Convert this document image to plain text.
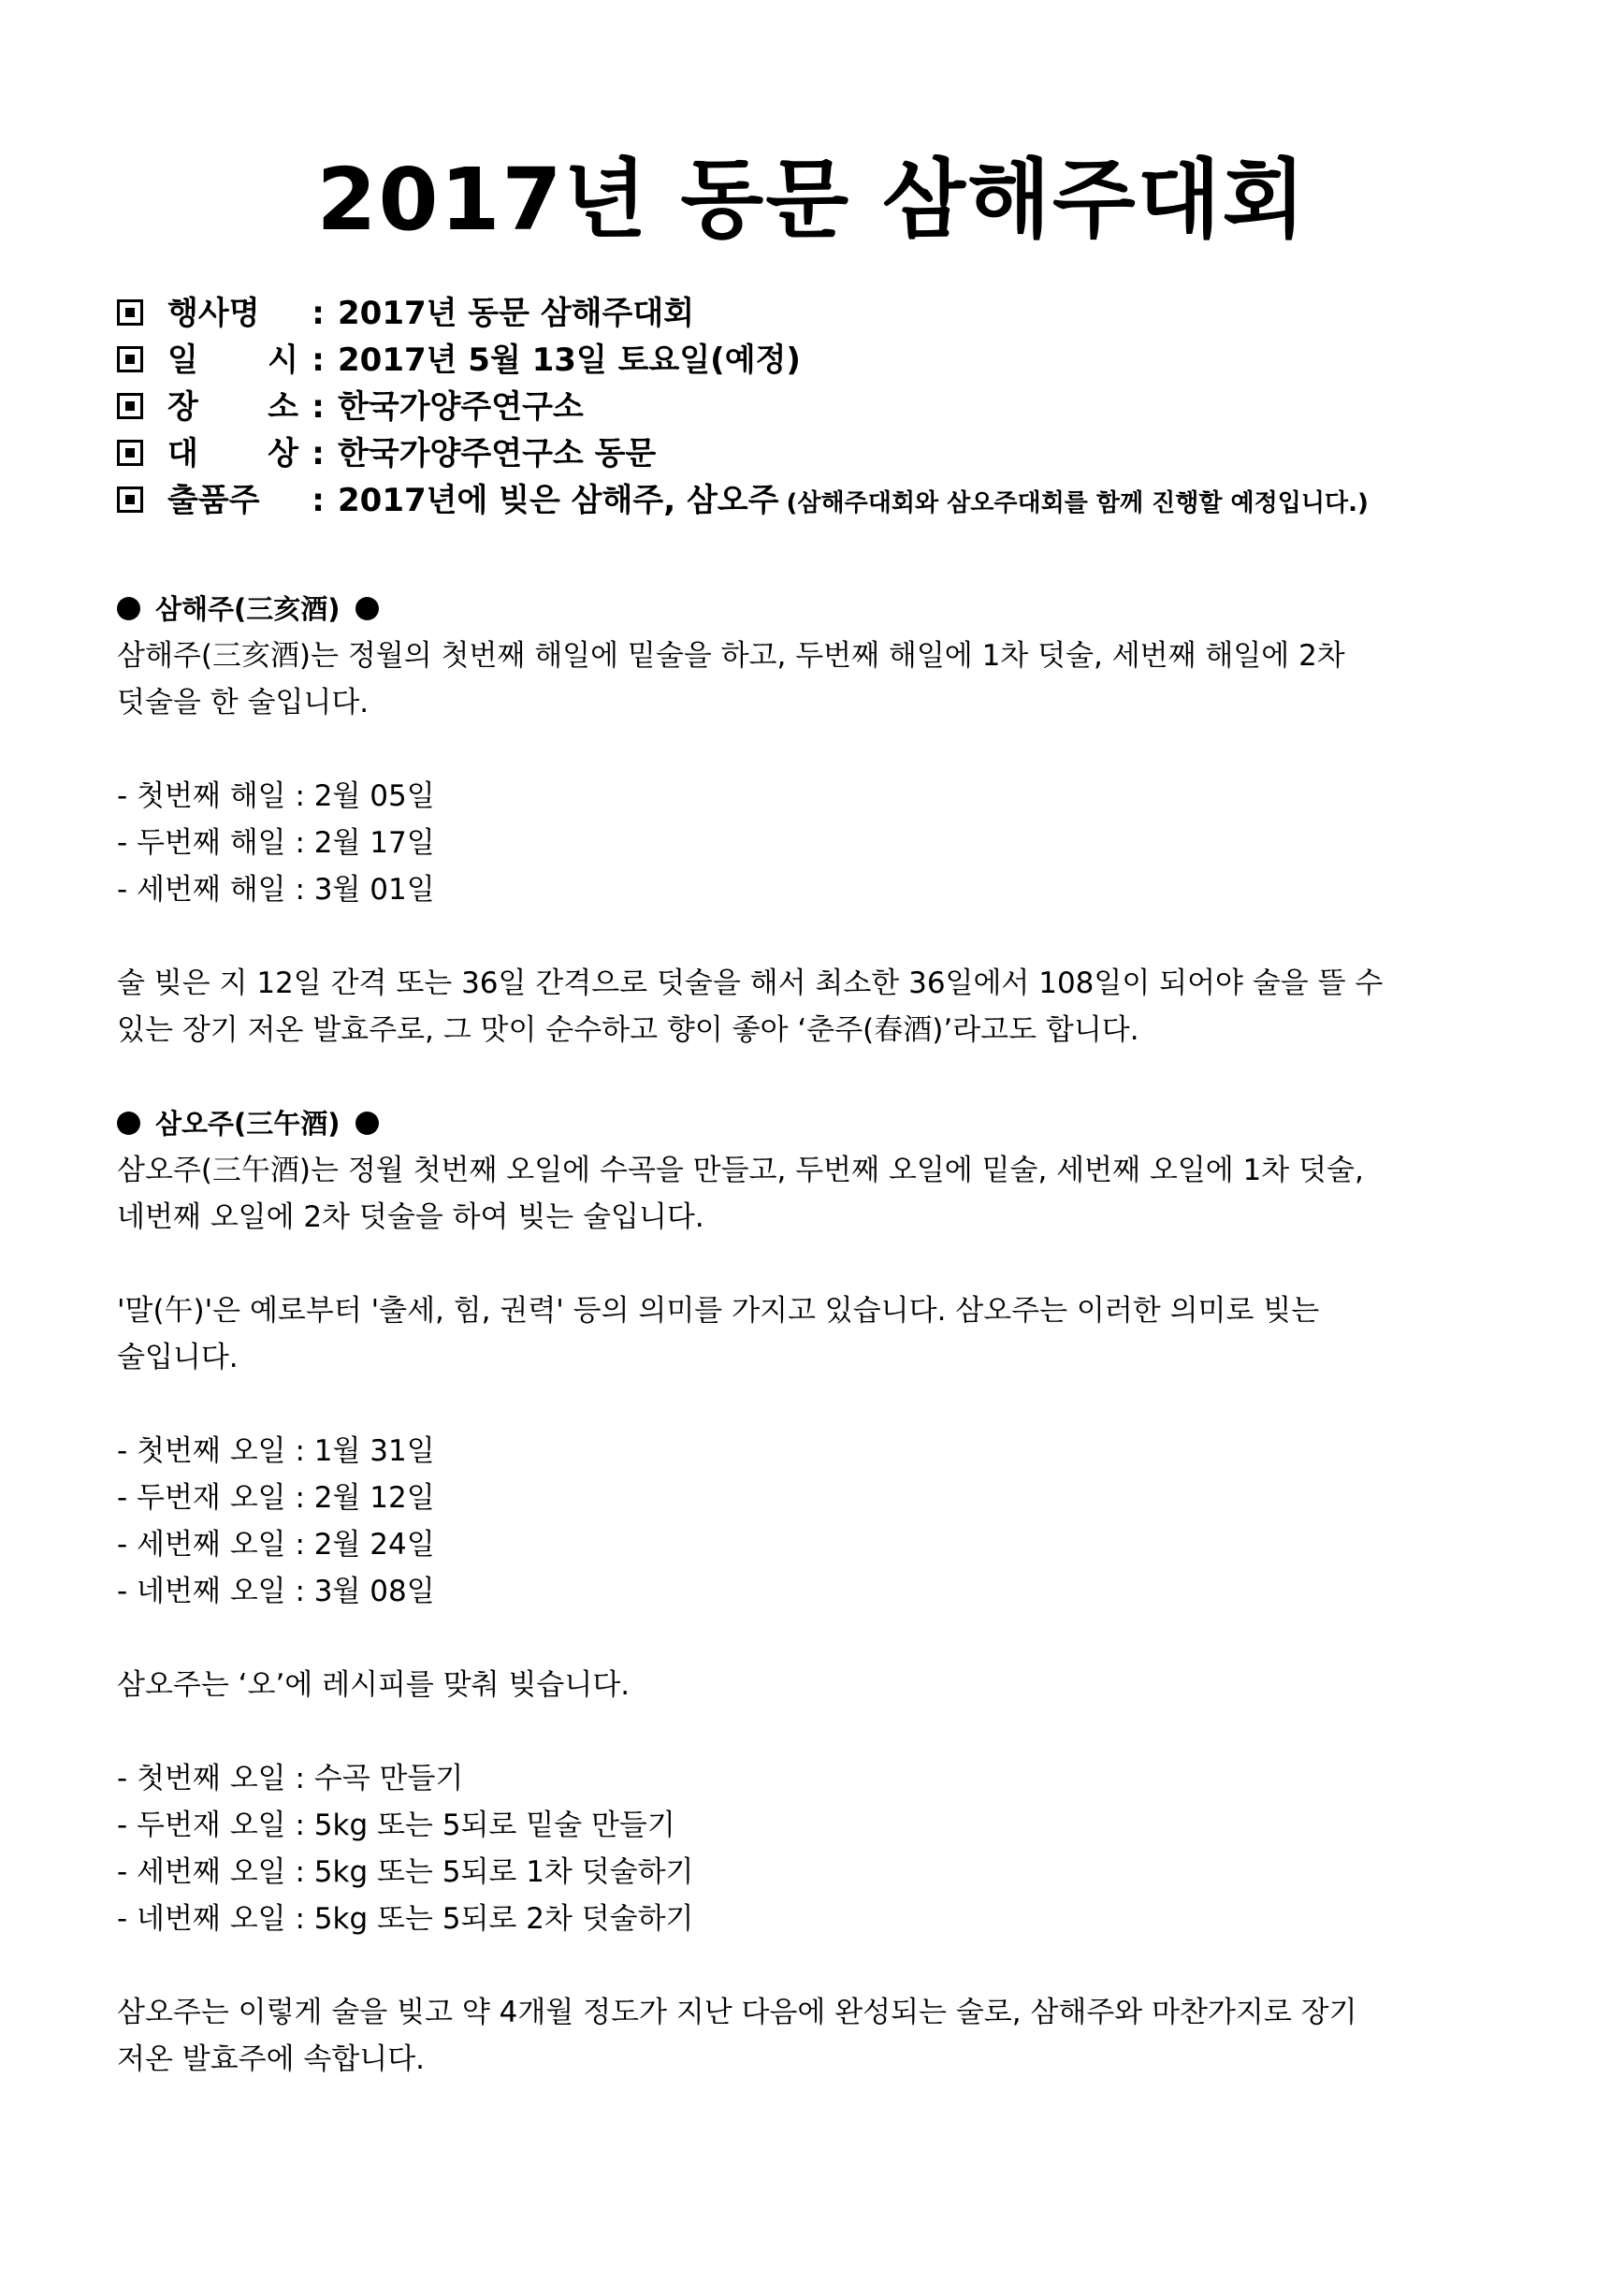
2017년 동문 삼해주대회
행사명 : 2017년 동문 삼해주대회
일 시 : 2017년 5월 13일 토요일(예정)
장 소 : 한국가양주연구소
대 상 : 한국가양주연구소 동문
출품주 : 2017년에 빚은 삼해주, 삼오주 (삼해주대회와 삼오주대회를 함께 진행할 예정입니다.)
삼해주(三亥酒)

삼해주(三亥酒)는 정월의 첫번째 해일에 밑술을 하고, 두번째 해일에 1차 덧술, 세번째 해일에 2차

덧술을 한 술입니다.

- 첫번째 해일 : 2월 05일
- 두번째 해일 : 2월 17일
- 세번째 해일 : 3월 01일

술 빚은 지 12일 간격 또는 36일 간격으로 덧술을 해서 최소한 36일에서 108일이 되어야 술을 뜰 수

있는 장기 저온 발효주로, 그 맛이 순수하고 향이 좋아 ‘춘주(春酒)’라고도 합니다.

삼오주(三午酒)

삼오주(三午酒)는 정월 첫번째 오일에 수곡을 만들고, 두번째 오일에 밑술, 세번째 오일에 1차 덧술,

네번째 오일에 2차 덧술을 하여 빚는 술입니다.

'말(午)'은 예로부터 '출세, 힘, 권력' 등의 의미를 가지고 있습니다. 삼오주는 이러한 의미로 빚는

술입니다.

- 첫번째 오일 : 1월 31일
- 두번재 오일 : 2월 12일
- 세번째 오일 : 2월 24일
- 네번째 오일 : 3월 08일

삼오주는 ‘오’에 레시피를 맞춰 빚습니다.

- 첫번째 오일 : 수곡 만들기
- 두번재 오일 : 5kg 또는 5되로 밑술 만들기
- 세번째 오일 : 5kg 또는 5되로 1차 덧술하기
- 네번째 오일 : 5kg 또는 5되로 2차 덧술하기

삼오주는 이렇게 술을 빚고 약 4개월 정도가 지난 다음에 완성되는 술로, 삼해주와 마찬가지로 장기

저온 발효주에 속합니다.
